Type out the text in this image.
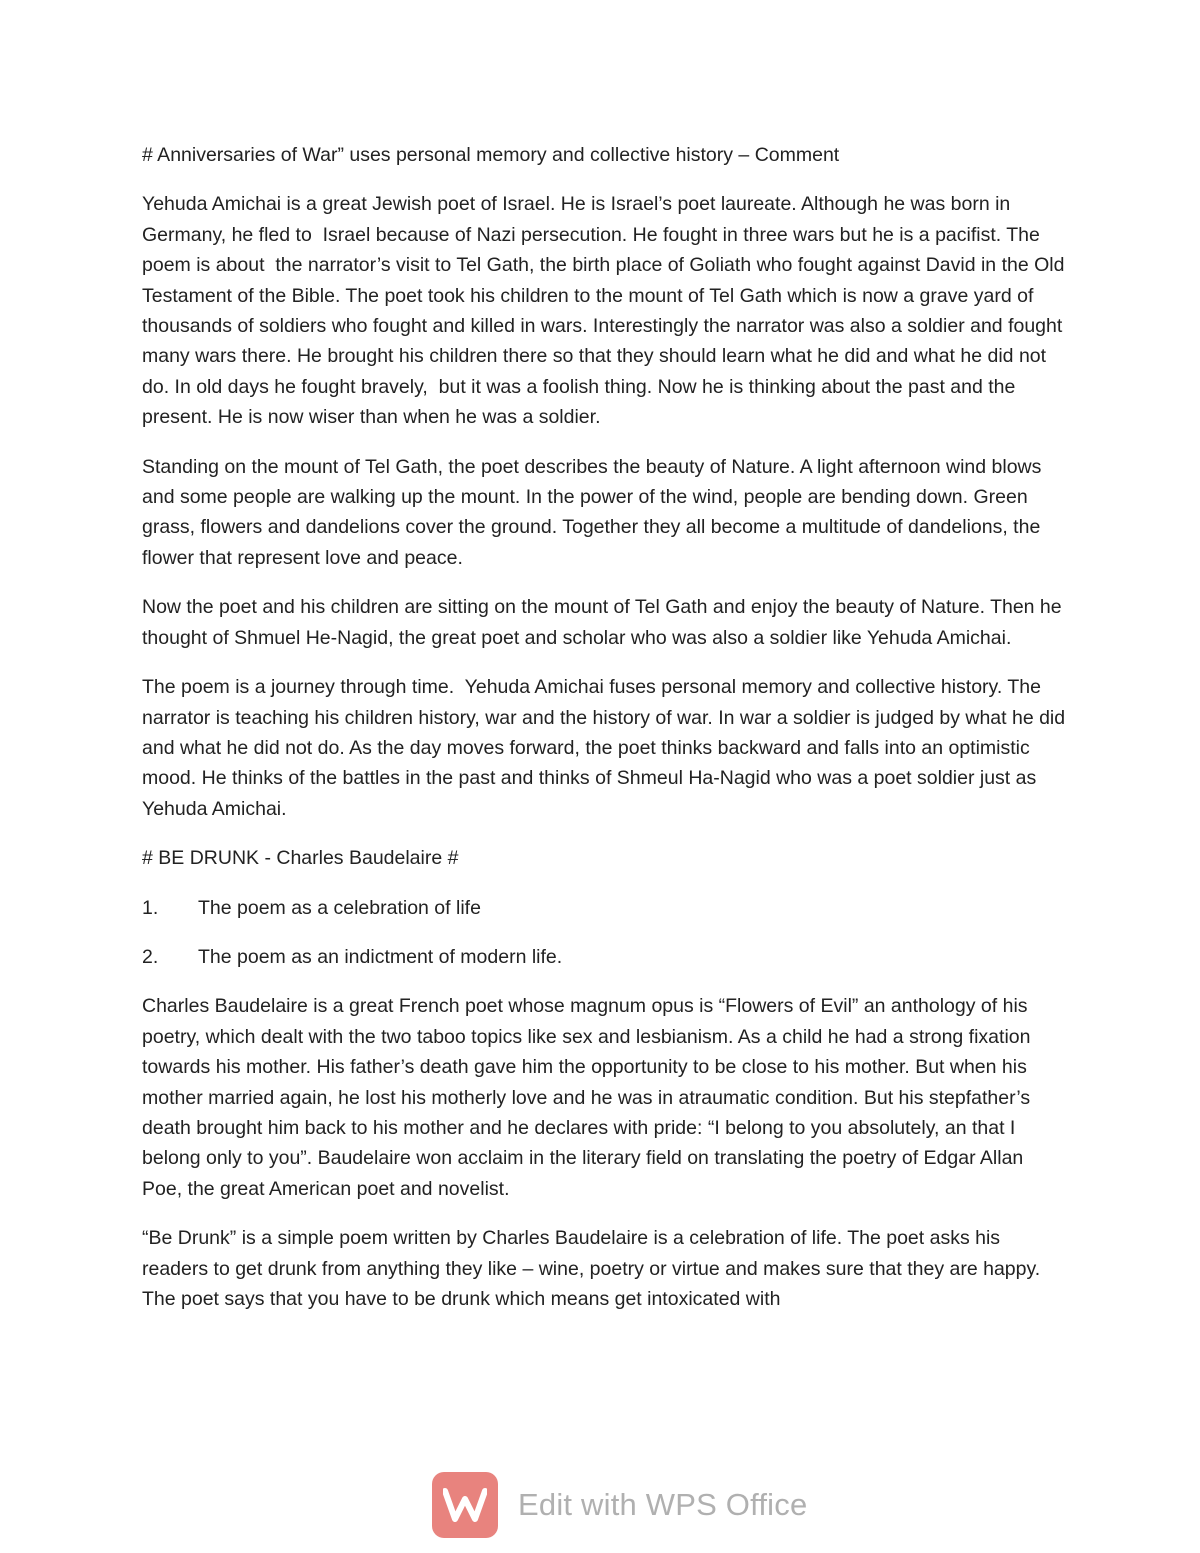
# Anniversaries of War” uses personal memory and collective history – Comment

Yehuda Amichai is a great Jewish poet of Israel. He is Israel’s poet laureate. Although he was born in Germany, he fled to  Israel because of Nazi persecution. He fought in three wars but he is a pacifist. The poem is about  the narrator’s visit to Tel Gath, the birth place of Goliath who fought against David in the Old Testament of the Bible. The poet took his children to the mount of Tel Gath which is now a grave yard of thousands of soldiers who fought and killed in wars. Interestingly the narrator was also a soldier and fought many wars there. He brought his children there so that they should learn what he did and what he did not do. In old days he fought bravely,  but it was a foolish thing. Now he is thinking about the past and the present. He is now wiser than when he was a soldier.

Standing on the mount of Tel Gath, the poet describes the beauty of Nature. A light afternoon wind blows and some people are walking up the mount. In the power of the wind, people are bending down. Green grass, flowers and dandelions cover the ground. Together they all become a multitude of dandelions, the flower that represent love and peace.

Now the poet and his children are sitting on the mount of Tel Gath and enjoy the beauty of Nature. Then he thought of Shmuel He-Nagid, the great poet and scholar who was also a soldier like Yehuda Amichai.

The poem is a journey through time.  Yehuda Amichai fuses personal memory and collective history. The narrator is teaching his children history, war and the history of war. In war a soldier is judged by what he did and what he did not do. As the day moves forward, the poet thinks backward and falls into an optimistic mood. He thinks of the battles in the past and thinks of Shmeul Ha-Nagid who was a poet soldier just as Yehuda Amichai.

# BE DRUNK - Charles Baudelaire #

1.	The poem as a celebration of life
2.	The poem as an indictment of modern life.

Charles Baudelaire is a great French poet whose magnum opus is “Flowers of Evil” an anthology of his poetry, which dealt with the two taboo topics like sex and lesbianism. As a child he had a strong fixation towards his mother. His father’s death gave him the opportunity to be close to his mother. But when his mother married again, he lost his motherly love and he was in atraumatic condition. But his stepfather’s death brought him back to his mother and he declares with pride: “I belong to you absolutely, an that I belong only to you”. Baudelaire won acclaim in the literary field on translating the poetry of Edgar Allan Poe, the great American poet and novelist.

“Be Drunk” is a simple poem written by Charles Baudelaire is a celebration of life. The poet asks his readers to get drunk from anything they like – wine, poetry or virtue and makes sure that they are happy. The poet says that you have to be drunk which means get intoxicated with

Edit with WPS Office
